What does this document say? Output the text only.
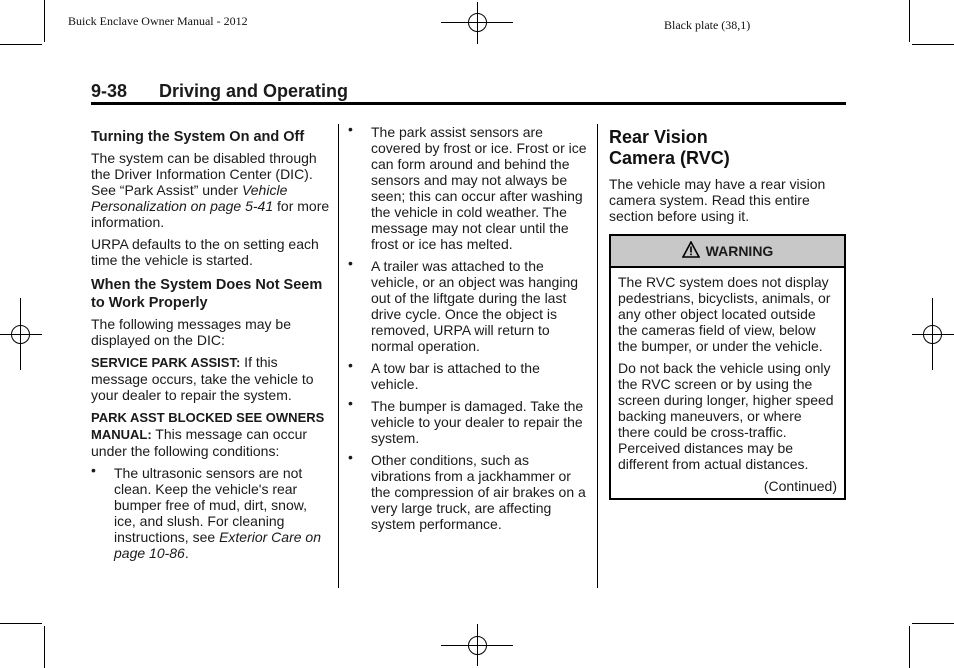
Buick Enclave Owner Manual - 2012	Black plate (38,1)
9-38 Driving and Operating
Turning the System On and Off

The system can be disabled through the Driver Information Center (DIC). See “Park Assist” under Vehicle Personalization on page 5-41 for more information.

URPA defaults to the on setting each time the vehicle is started.

When the System Does Not Seem to Work Properly

The following messages may be displayed on the DIC:

SERVICE PARK ASSIST: If this message occurs, take the vehicle to your dealer to repair the system.

PARK ASST BLOCKED SEE OWNERS MANUAL: This message can occur under the following conditions:

• The ultrasonic sensors are not clean. Keep the vehicle's rear bumper free of mud, dirt, snow, ice, and slush. For cleaning instructions, see Exterior Care on page 10-86.
• The park assist sensors are covered by frost or ice. Frost or ice can form around and behind the sensors and may not always be seen; this can occur after washing the vehicle in cold weather. The message may not clear until the frost or ice has melted.
• A trailer was attached to the vehicle, or an object was hanging out of the liftgate during the last drive cycle. Once the object is removed, URPA will return to normal operation.
• A tow bar is attached to the vehicle.
• The bumper is damaged. Take the vehicle to your dealer to repair the system.
• Other conditions, such as vibrations from a jackhammer or the compression of air brakes on a very large truck, are affecting system performance.
Rear Vision
Camera (RVC)

The vehicle may have a rear vision camera system. Read this entire section before using it.

WARNING

The RVC system does not display pedestrians, bicyclists, animals, or any other object located outside the cameras field of view, below the bumper, or under the vehicle.

Do not back the vehicle using only the RVC screen or by using the screen during longer, higher speed backing maneuvers, or where there could be cross-traffic. Perceived distances may be different from actual distances.

(Continued)
